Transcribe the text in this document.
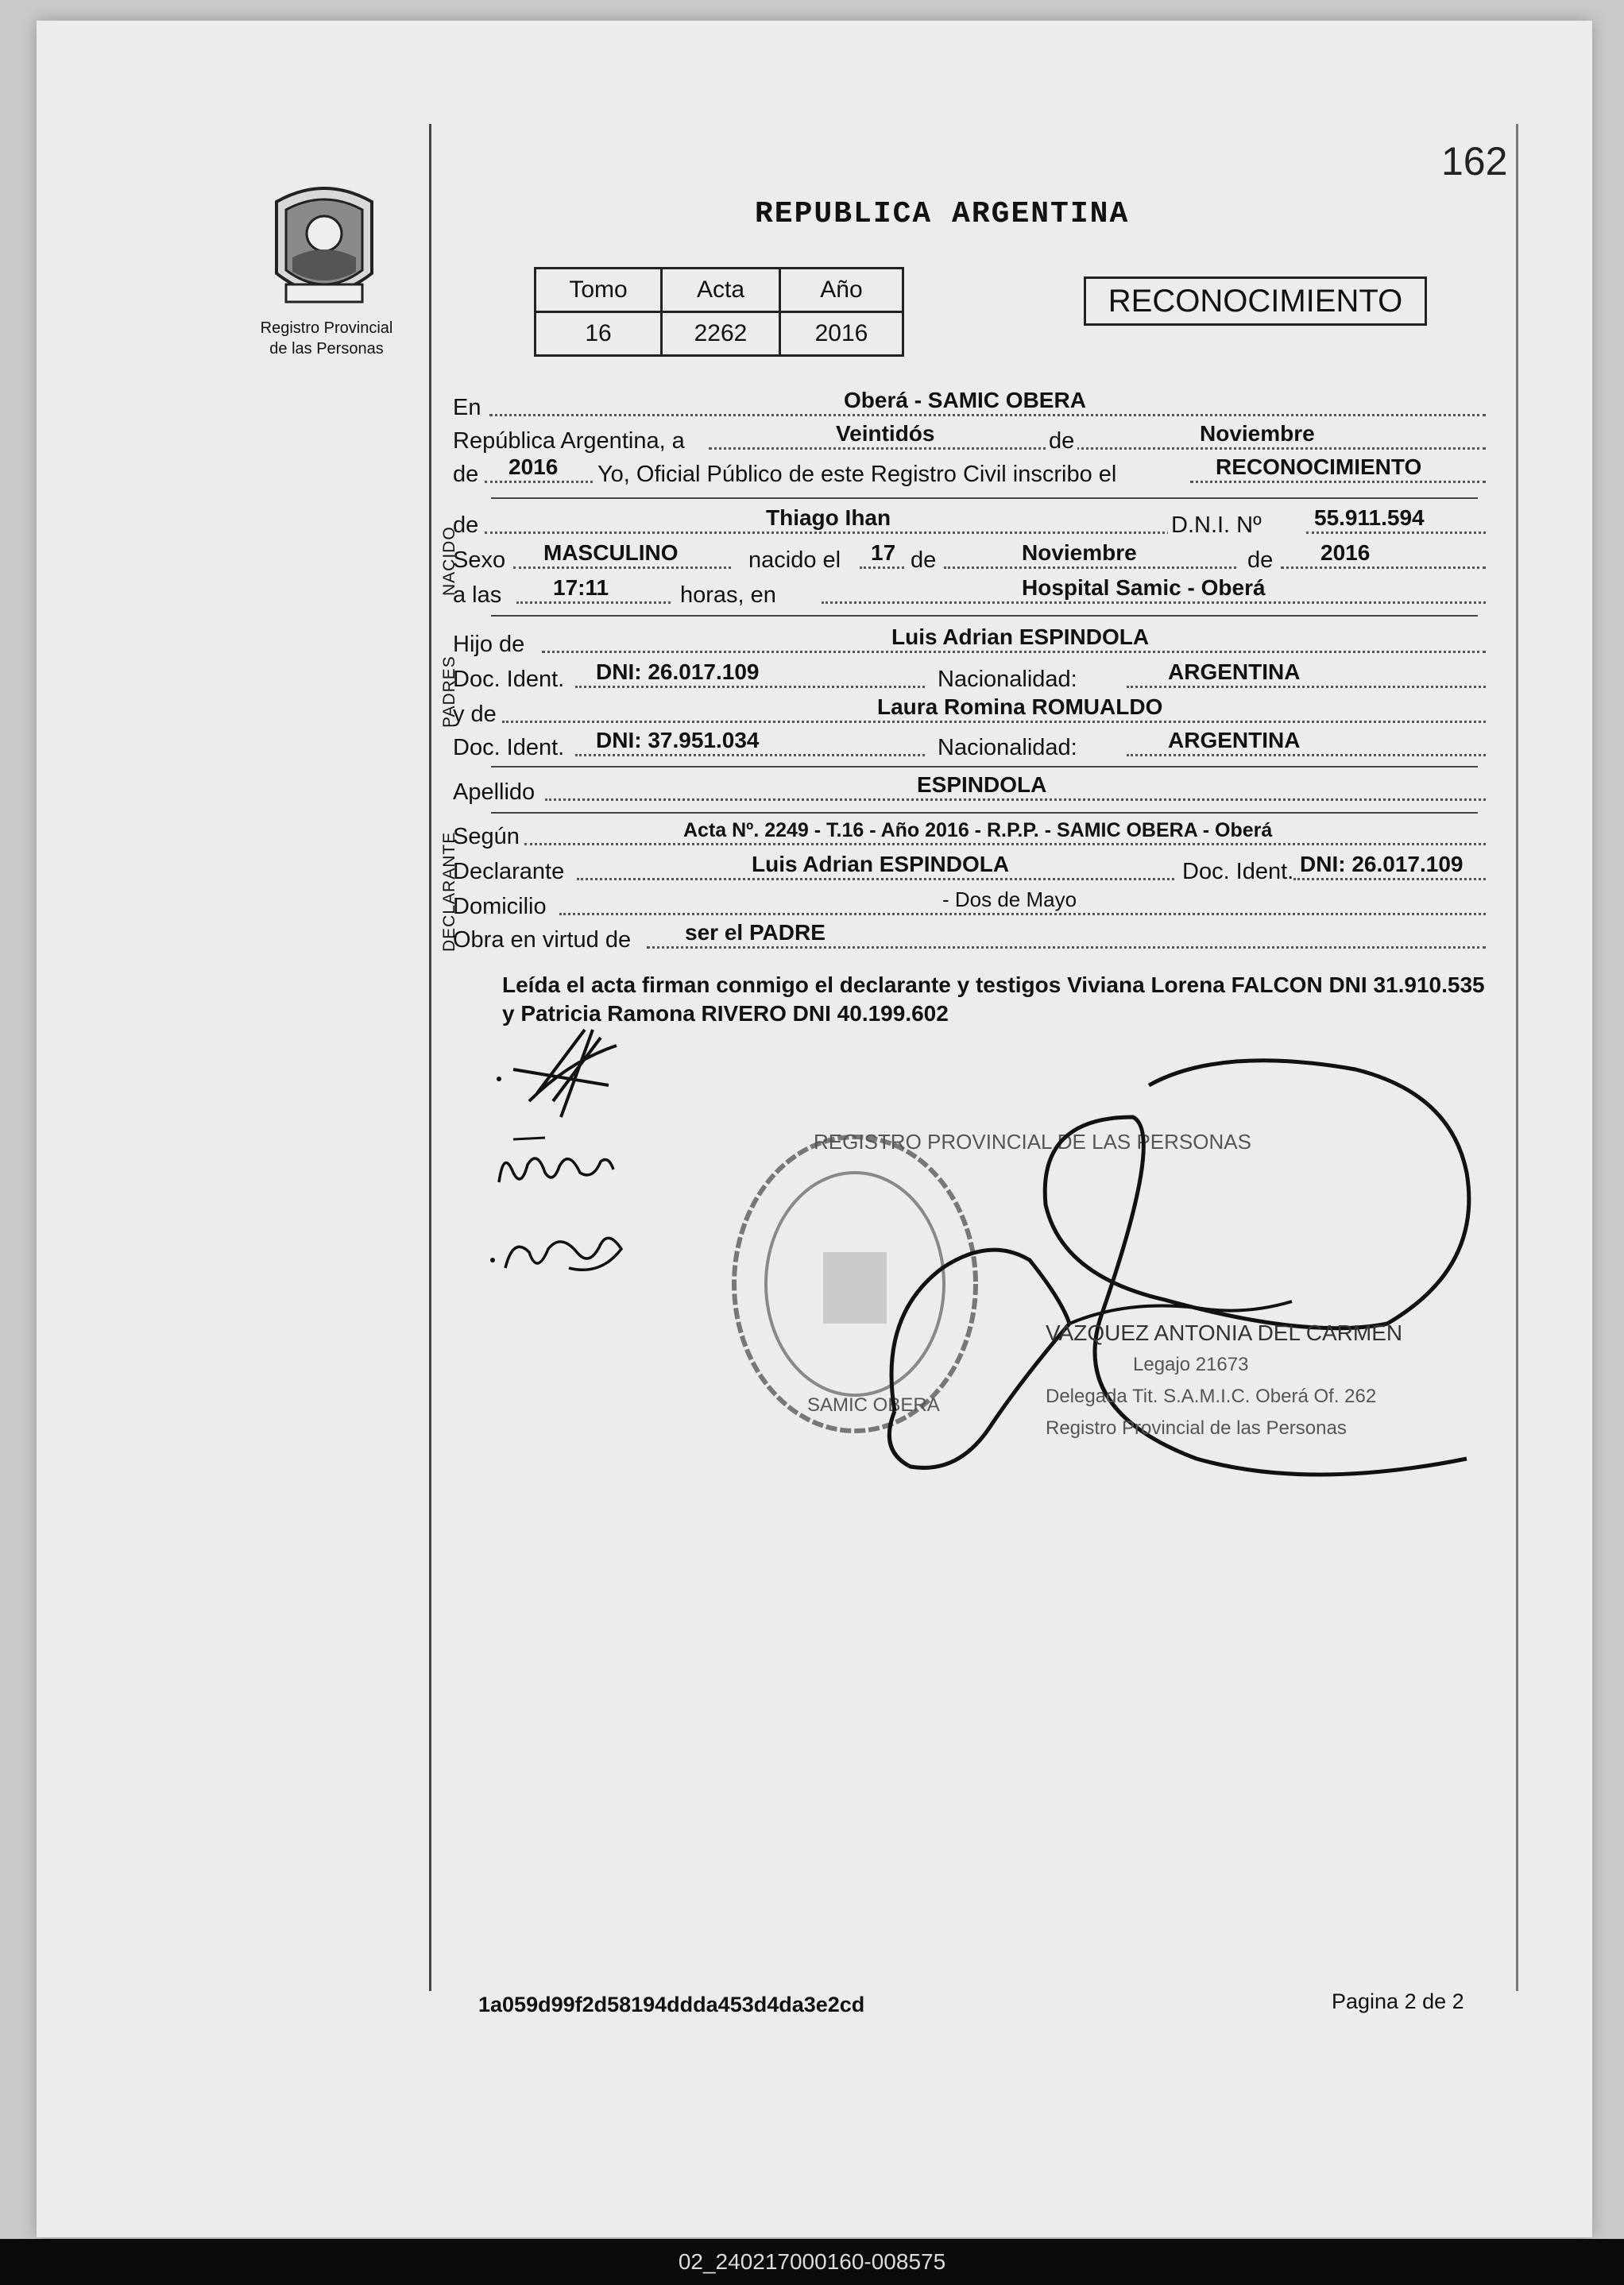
162
Registro Provincial
de las Personas
REPUBLICA ARGENTINA
Tomo	Acta	Año
16	2262	2016
RECONOCIMIENTO
En	Oberá - SAMIC OBERA
República Argentina, a	Veintidós	de	Noviembre
de 2016 Yo, Oficial Público de este Registro Civil inscribo el	RECONOCIMIENTO
de	Thiago Ihan	D.N.I. Nº 55.911.594
Sexo MASCULINO	nacido el 17 de	Noviembre	de 2016
a las 17:11	horas, en	Hospital Samic - Oberá
Hijo de	Luis Adrian ESPINDOLA
Doc. Ident. DNI: 26.017.109	Nacionalidad:	ARGENTINA
y de	Laura Romina ROMUALDO
Doc. Ident. DNI: 37.951.034	Nacionalidad:	ARGENTINA
Apellido	ESPINDOLA
Según	Acta Nº. 2249 - T.16 - Año 2016 - R.P.P. - SAMIC OBERA - Oberá
Declarante	Luis Adrian ESPINDOLA	Doc. Ident. DNI: 26.017.109
Domicilio	- Dos de Mayo
Obra en virtud de ser el PADRE
NACIDO
PADRES
DECLARANTE
Leída el acta firman conmigo el declarante y testigos Viviana Lorena FALCON DNI 31.910.535 y Patricia Ramona RIVERO DNI 40.199.602
REGISTRO PROVINCIAL DE LAS PERSONAS
SAMIC OBERA
VAZQUEZ ANTONIA DEL CARMEN
Legajo 21673
Delegada Tit. S.A.M.I.C. Oberá Of. 262
Registro Provincial de las Personas
1a059d99f2d58194ddda453d4da3e2cd	Pagina 2 de 2
02_240217000160-008575
